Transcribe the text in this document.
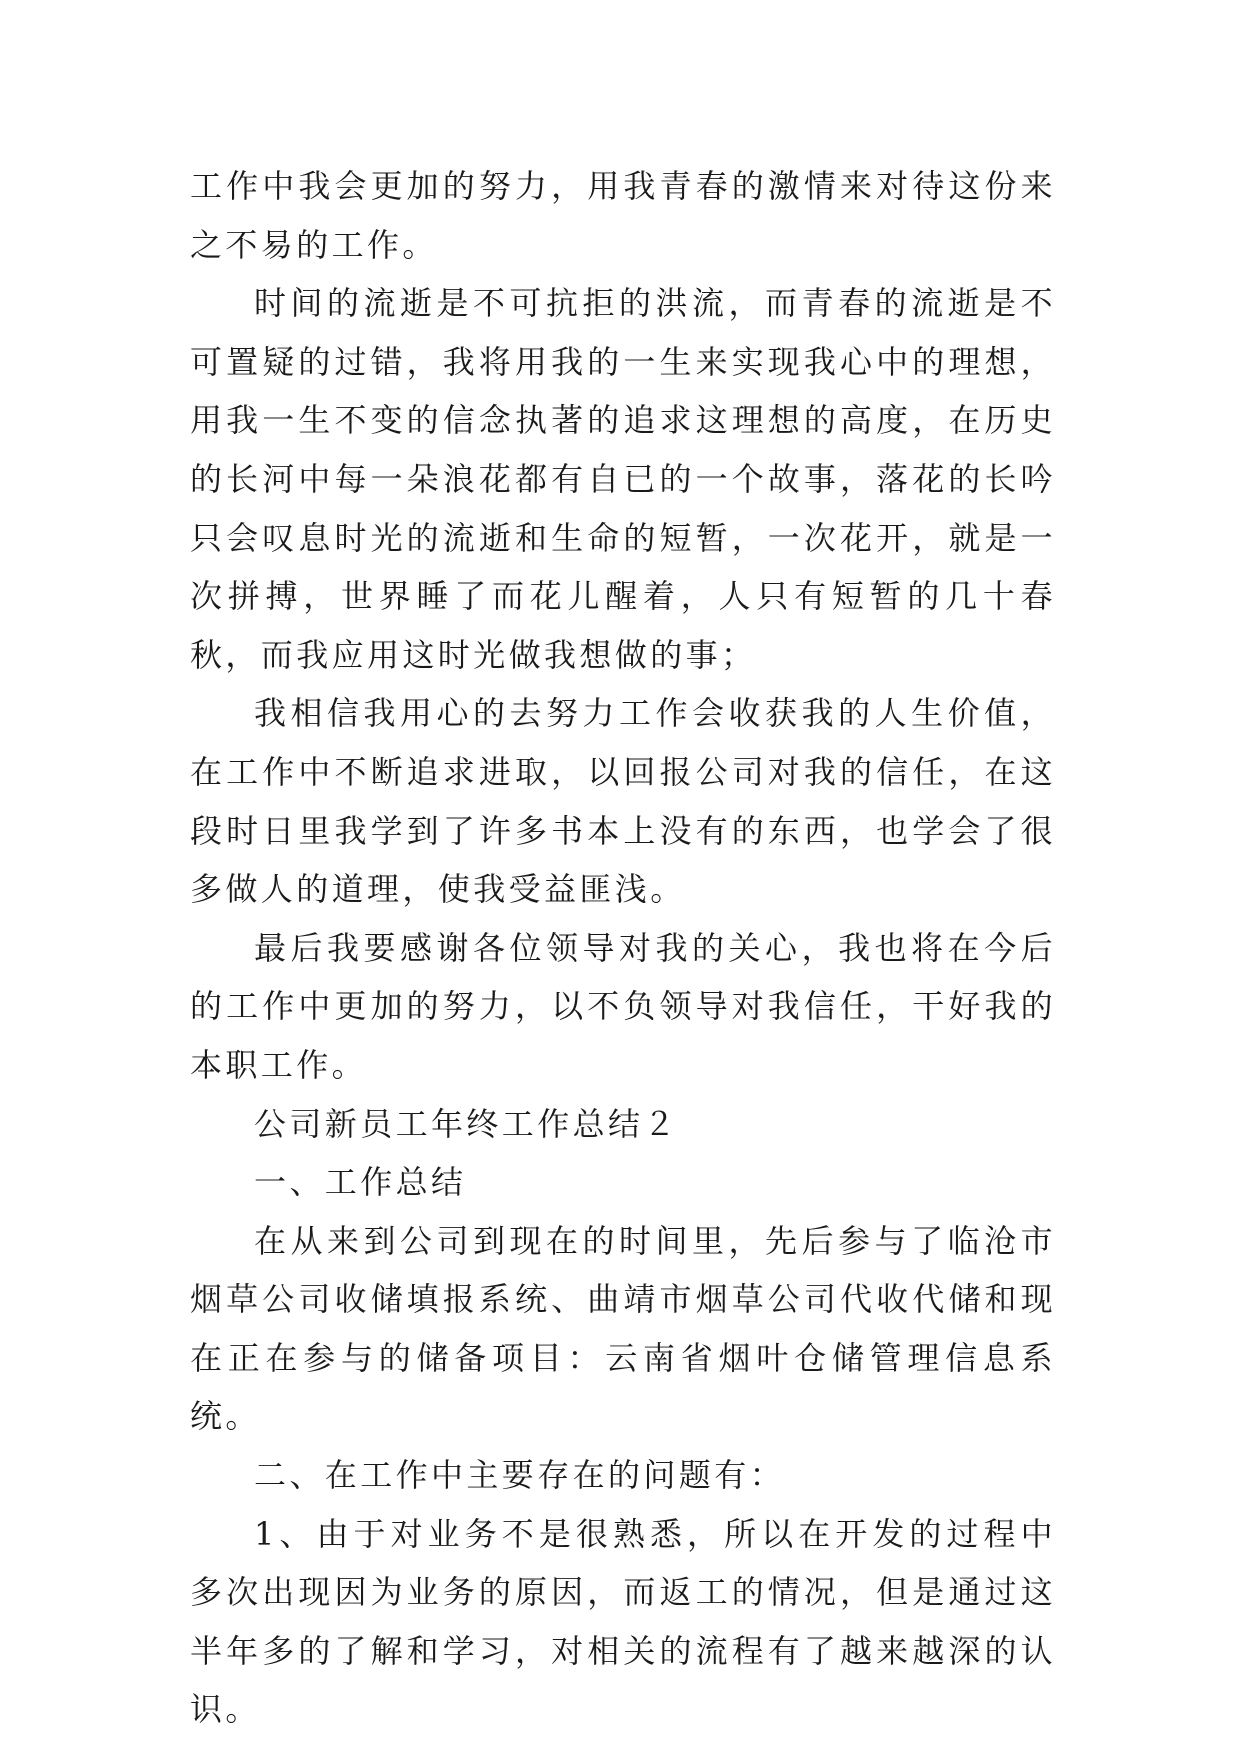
工作中我会更加的努力，用我青春的激情来对待这份来之不易的工作。

时间的流逝是不可抗拒的洪流，而青春的流逝是不可置疑的过错，我将用我的一生来实现我心中的理想，用我一生不变的信念执著的追求这理想的高度，在历史的长河中每一朵浪花都有自已的一个故事，落花的长吟只会叹息时光的流逝和生命的短暂，一次花开，就是一次拼搏，世界睡了而花儿醒着，人只有短暂的几十春秋，而我应用这时光做我想做的事；

我相信我用心的去努力工作会收获我的人生价值，在工作中不断追求进取，以回报公司对我的信任，在这段时日里我学到了许多书本上没有的东西，也学会了很多做人的道理，使我受益匪浅。

最后我要感谢各位领导对我的关心，我也将在今后的工作中更加的努力，以不负领导对我信任，干好我的本职工作。

公司新员工年终工作总结２

一、工作总结

在从来到公司到现在的时间里，先后参与了临沧市烟草公司收储填报系统、曲靖市烟草公司代收代储和现在正在参与的储备项目：云南省烟叶仓储管理信息系统。

二、在工作中主要存在的问题有：

1、由于对业务不是很熟悉，所以在开发的过程中多次出现因为业务的原因，而返工的情况，但是通过这半年多的了解和学习，对相关的流程有了越来越深的认识。
